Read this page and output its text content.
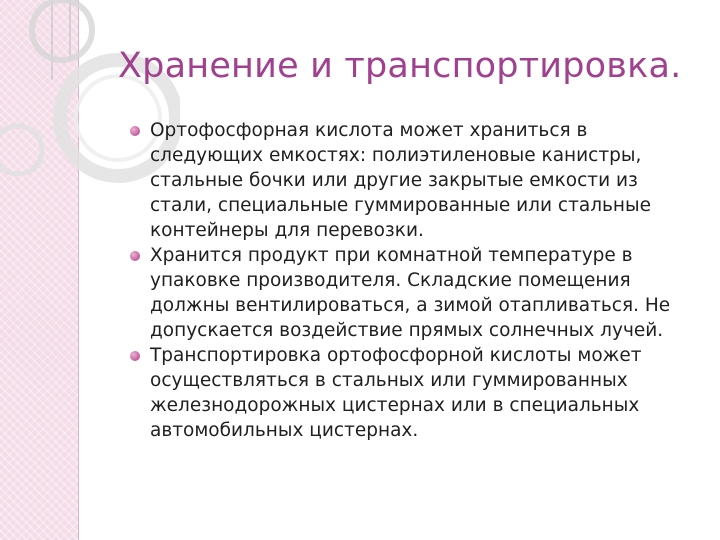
Хранение и транспортировка.
Ортофосфорная кислота может храниться в следующих емкостях: полиэтиленовые канистры, стальные бочки или другие закрытые емкости из стали, специальные гуммированные или стальные контейнеры для перевозки.
Хранится продукт при комнатной температуре в упаковке производителя. Складские помещения должны вентилироваться, а зимой отапливаться. Не допускается воздействие прямых солнечных лучей.
Транспортировка ортофосфорной кислоты может осуществляться в стальных или гуммированных железнодорожных цистернах или в специальных автомобильных цистернах.
